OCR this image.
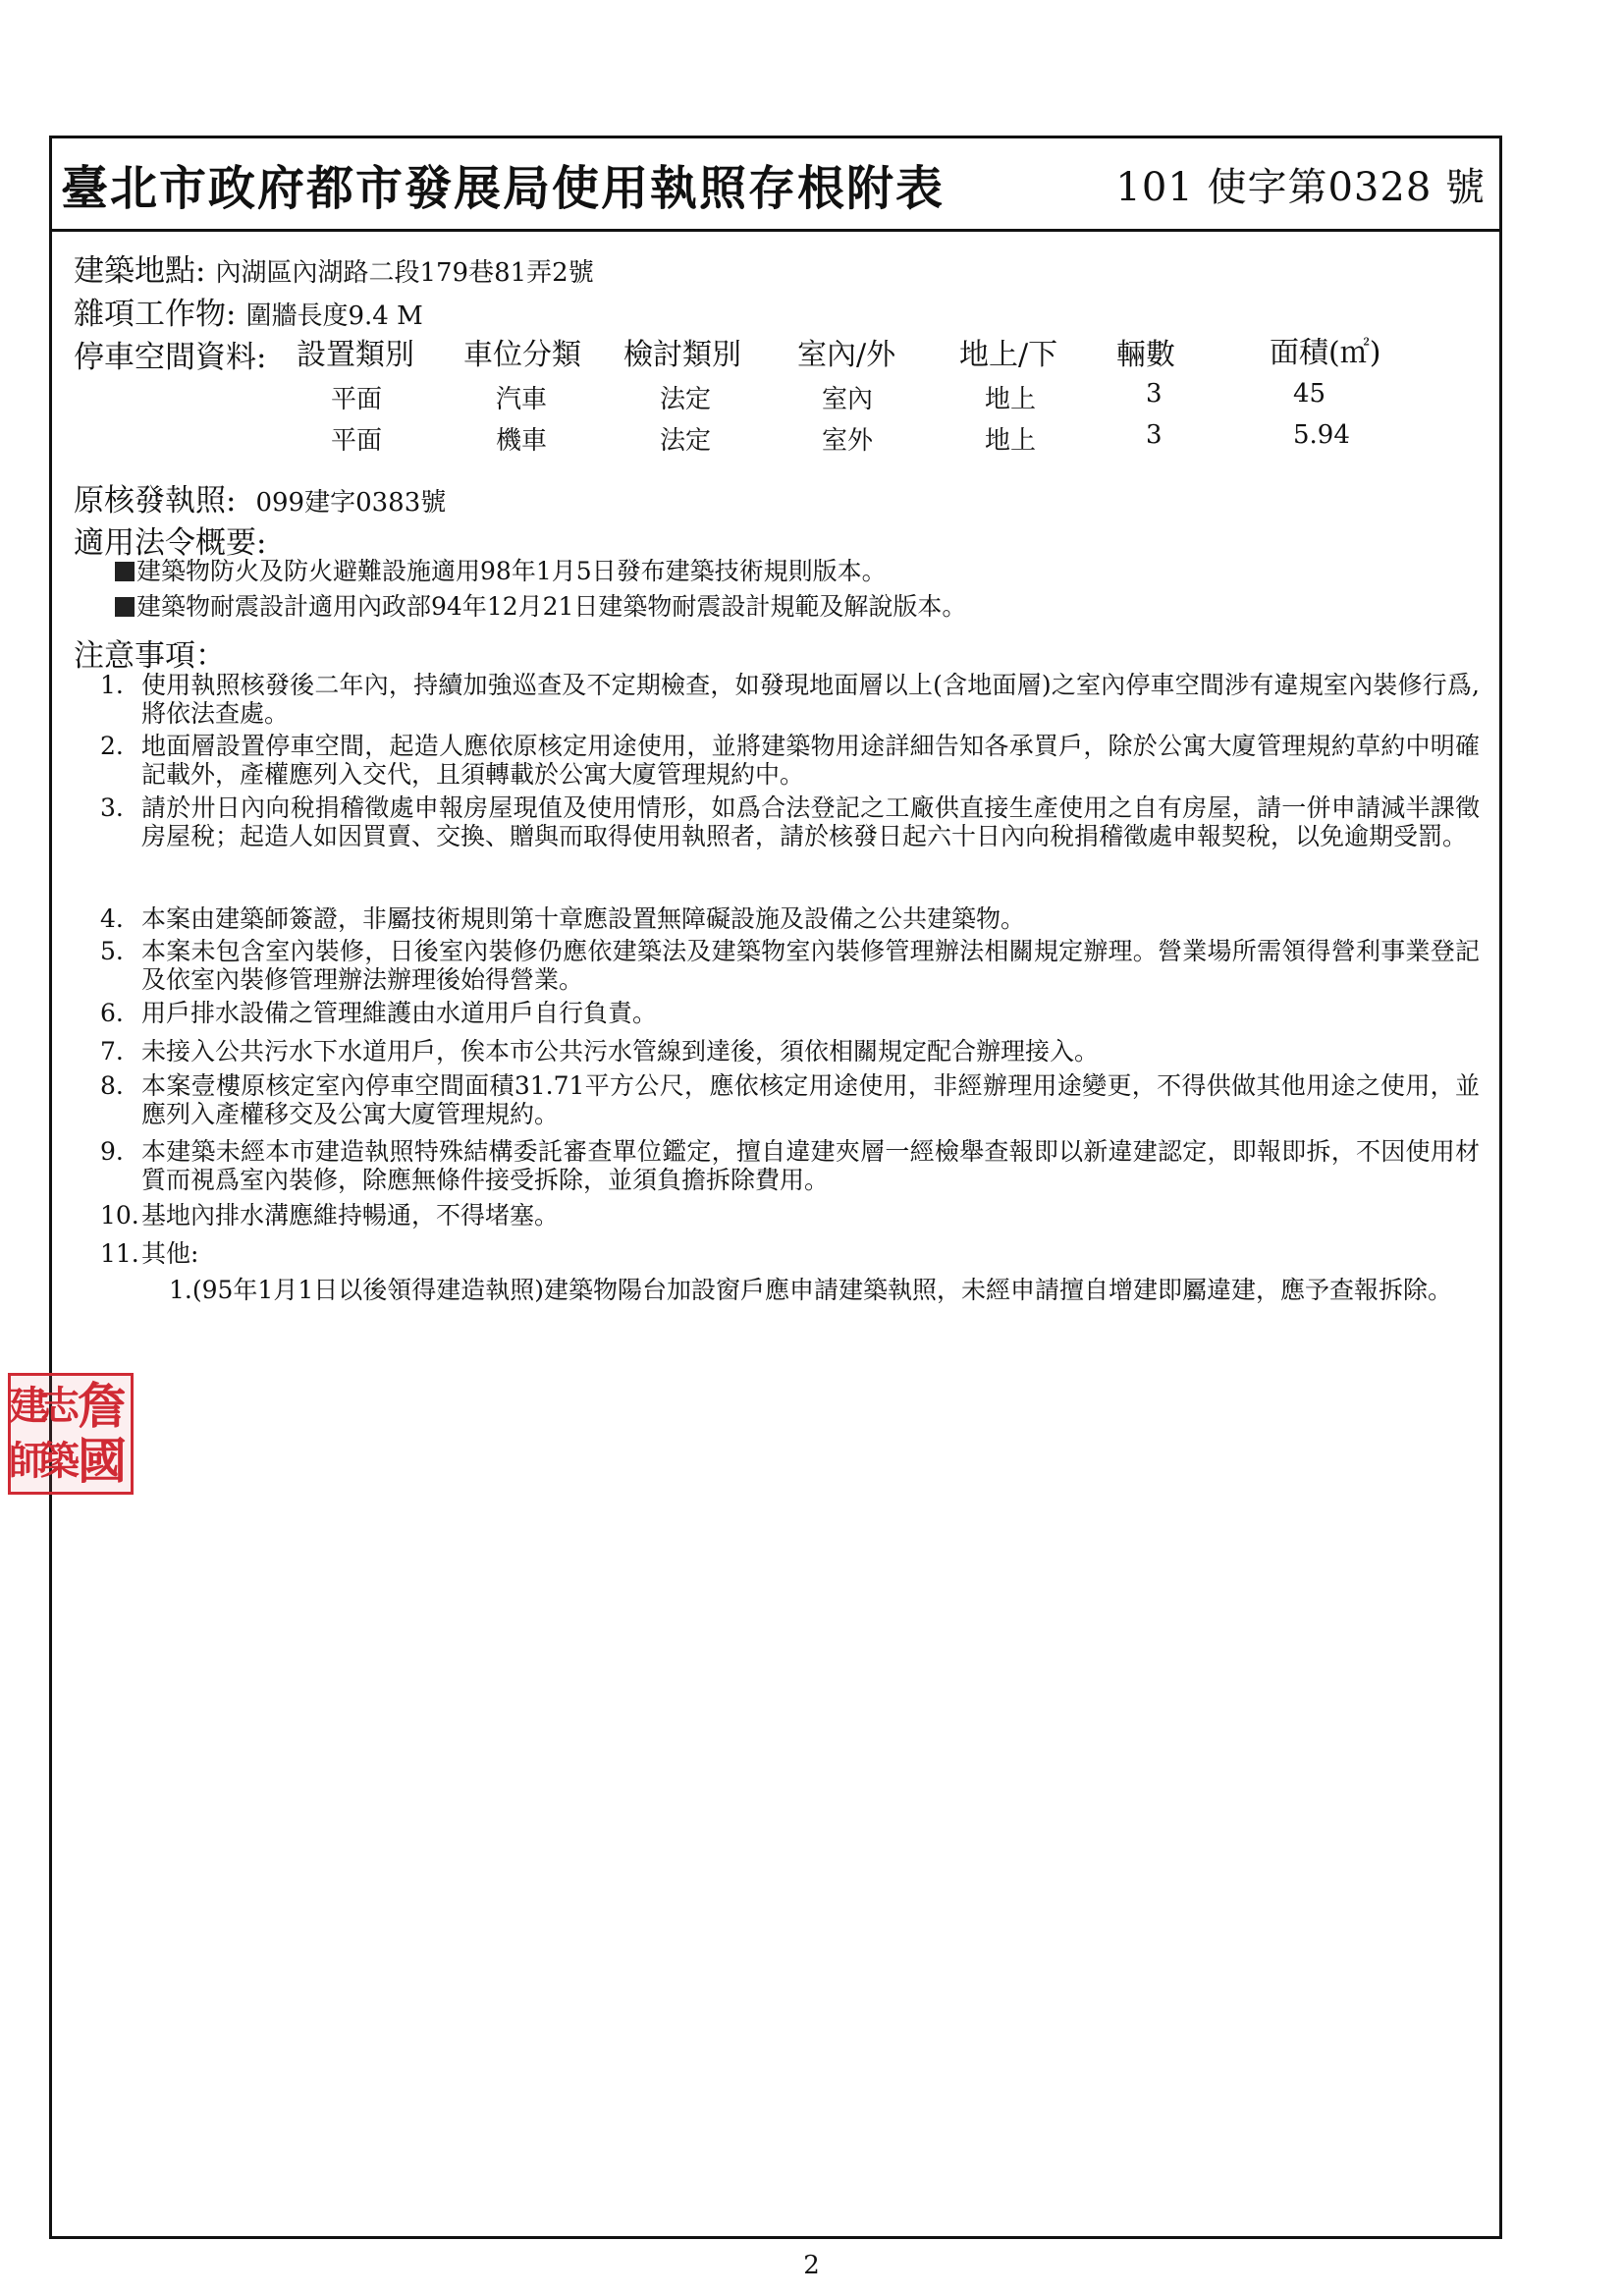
臺北市政府都市發展局使用執照存根附表	101 使字第0328 號
建築地點: 內湖區內湖路二段179巷81弄2號
雜項工作物: 圍牆長度9.4 M
停車空間資料: 設置類別 車位分類 檢討類別 室內/外 地上/下 輛數	面積(㎡)
平面	汽車	法定	室內	地上	3	45
平面	機車	法定	室外	地上	3	5.94
原核發執照: 099建字0383號
適用法令概要:
建築物防火及防火避難設施適用98年1月5日發布建築技術規則版本。
建築物耐震設計適用內政部94年12月21日建築物耐震設計規範及解說版本。
注意事項：
1. 使用執照核發後二年內，持續加強巡查及不定期檢查，如發現地面層以上(含地面層)之室內停車空間涉有違規室內裝修行爲,將依法查處。
2. 地面層設置停車空間，起造人應依原核定用途使用，並將建築物用途詳細告知各承買戶，除於公寓大廈管理規約草約中明確記載外，產權應列入交代，且須轉載於公寓大廈管理規約中。
3. 請於卅日內向稅捐稽徵處申報房屋現值及使用情形，如爲合法登記之工廠供直接生產使用之自有房屋，請一併申請減半課徵房屋稅；起造人如因買賣、交換、贈與而取得使用執照者，請於核發日起六十日內向稅捐稽徵處申報契稅，以免逾期受罰。
4. 本案由建築師簽證，非屬技術規則第十章應設置無障礙設施及設備之公共建築物。
5. 本案未包含室內裝修，日後室內裝修仍應依建築法及建築物室內裝修管理辦法相關規定辦理。營業場所需領得營利事業登記及依室內裝修管理辦法辦理後始得營業。
6. 用戶排水設備之管理維護由水道用戶自行負責。
7. 未接入公共污水下水道用戶，俟本市公共污水管線到達後，須依相關規定配合辦理接入。
8. 本案壹樓原核定室內停車空間面積31.71平方公尺，應依核定用途使用，非經辦理用途變更，不得供做其他用途之使用，並應列入產權移交及公寓大廈管理規約。
9. 本建築未經本市建造執照特殊結構委託審查單位鑑定，擅自違建夾層一經檢舉查報即以新違建認定，即報即拆，不因使用材質而視爲室內裝修，除應無條件接受拆除，並須負擔拆除費用。
10. 基地內排水溝應維持暢通，不得堵塞。
11. 其他:
1.(95年1月1日以後領得建造執照)建築物陽台加設窗戶應申請建築執照，未經申請擅自增建即屬違建，應予查報拆除。
詹
國
志
築
建
師
2
